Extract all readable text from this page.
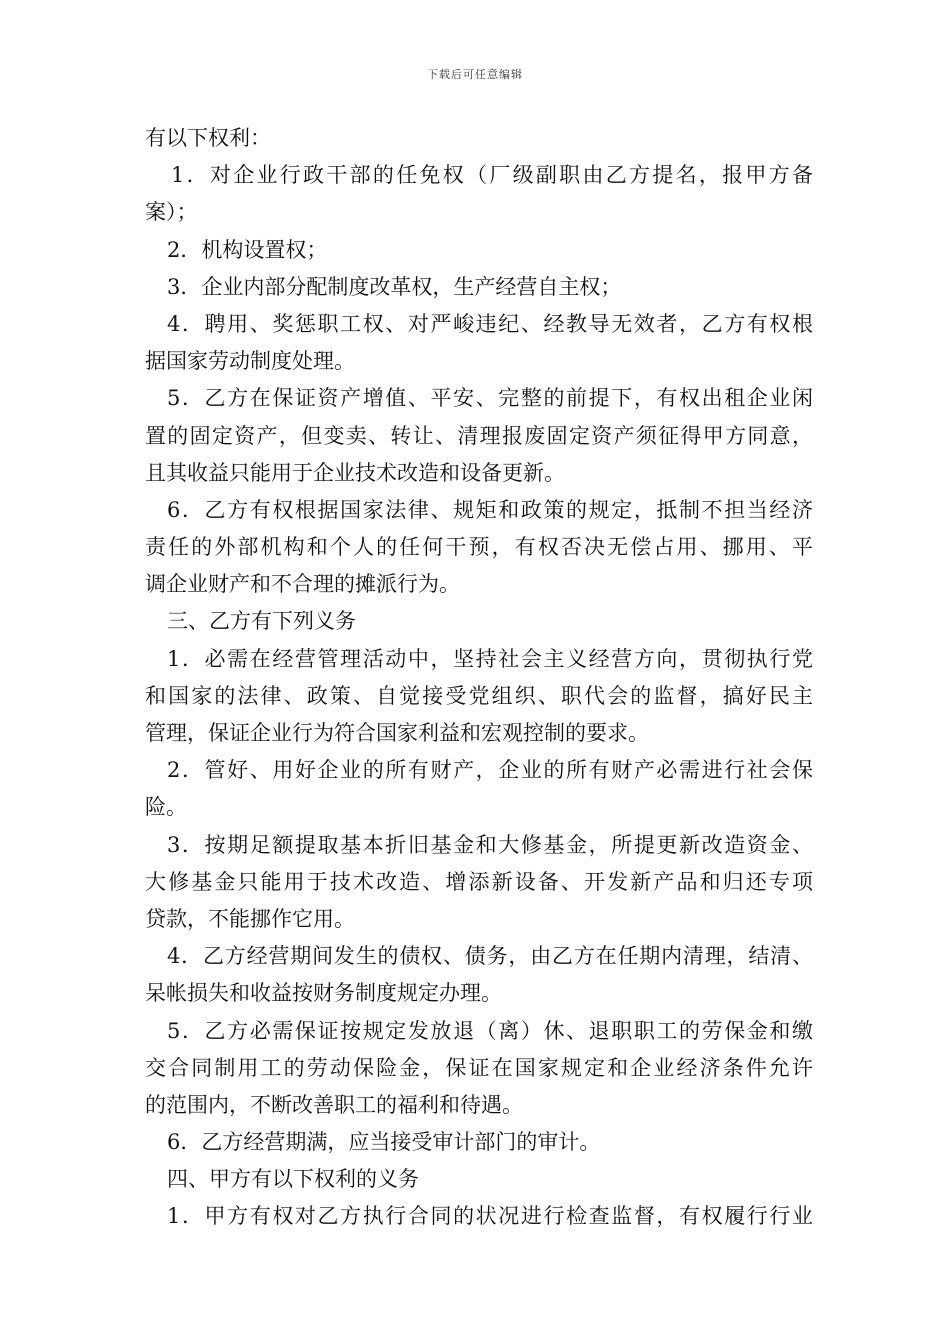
下载后可任意编辑
有以下权利：
1．对企业行政干部的任免权（厂级副职由乙方提名，报甲方备
案）；
2．机构设置权；
3．企业内部分配制度改革权，生产经营自主权；
4．聘用、奖惩职工权、对严峻违纪、经教导无效者，乙方有权根
据国家劳动制度处理。
5．乙方在保证资产增值、平安、完整的前提下，有权出租企业闲
置的固定资产，但变卖、转让、清理报废固定资产须征得甲方同意，
且其收益只能用于企业技术改造和设备更新。
6．乙方有权根据国家法律、规矩和政策的规定，抵制不担当经济
责任的外部机构和个人的任何干预，有权否决无偿占用、挪用、平
调企业财产和不合理的摊派行为。
三、乙方有下列义务
1．必需在经营管理活动中，坚持社会主义经营方向，贯彻执行党
和国家的法律、政策、自觉接受党组织、职代会的监督，搞好民主
管理，保证企业行为符合国家利益和宏观控制的要求。
2．管好、用好企业的所有财产，企业的所有财产必需进行社会保
险。
3．按期足额提取基本折旧基金和大修基金，所提更新改造资金、
大修基金只能用于技术改造、增添新设备、开发新产品和归还专项
贷款，不能挪作它用。
4．乙方经营期间发生的债权、债务，由乙方在任期内清理，结清、
呆帐损失和收益按财务制度规定办理。
5．乙方必需保证按规定发放退（离）休、退职职工的劳保金和缴
交合同制用工的劳动保险金，保证在国家规定和企业经济条件允许
的范围内，不断改善职工的福利和待遇。
6．乙方经营期满，应当接受审计部门的审计。
四、甲方有以下权利的义务
1．甲方有权对乙方执行合同的状况进行检查监督，有权履行行业
